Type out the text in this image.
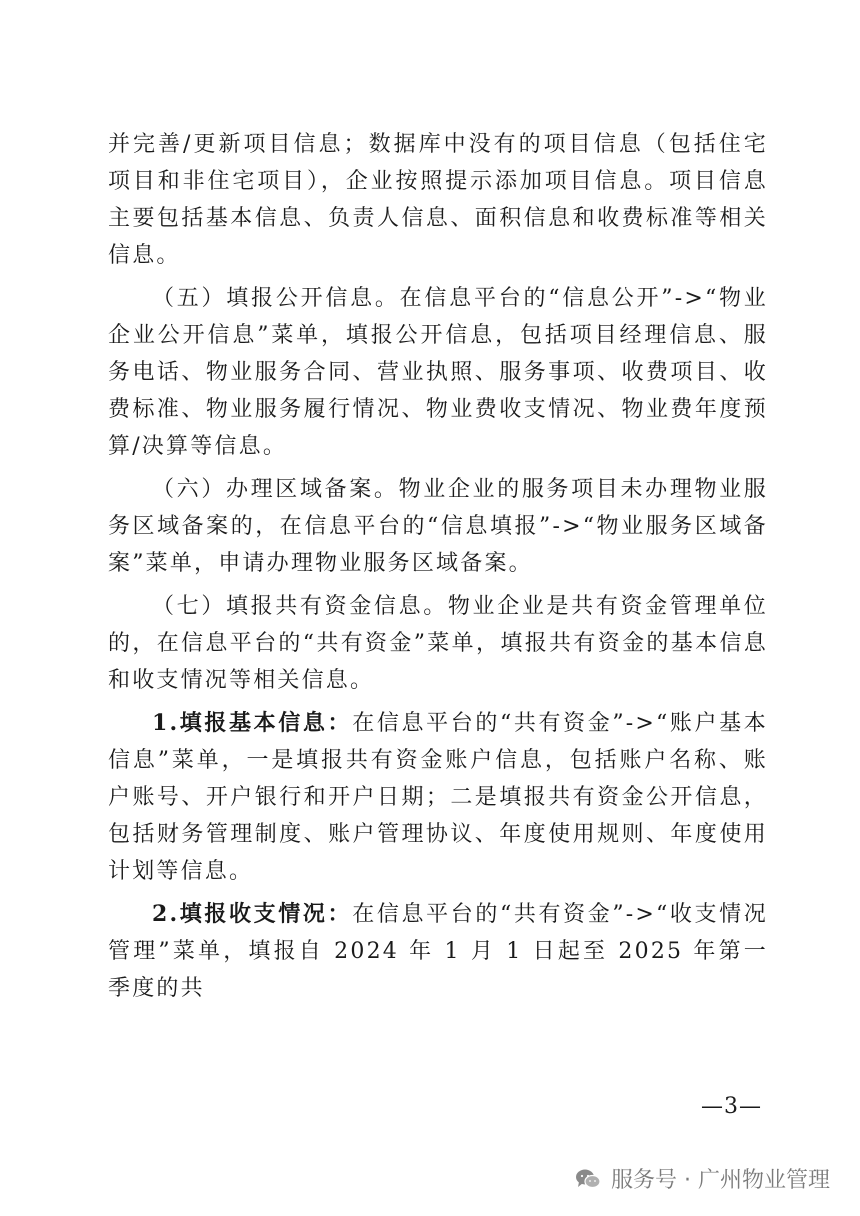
并完善/更新项目信息；数据库中没有的项目信息（包括住宅项目和非住宅项目），企业按照提示添加项目信息。项目信息主要包括基本信息、负责人信息、面积信息和收费标准等相关信息。

（五）填报公开信息。在信息平台的“信息公开”->“物业企业公开信息”菜单，填报公开信息，包括项目经理信息、服务电话、物业服务合同、营业执照、服务事项、收费项目、收费标准、物业服务履行情况、物业费收支情况、物业费年度预算/决算等信息。

（六）办理区域备案。物业企业的服务项目未办理物业服务区域备案的，在信息平台的“信息填报”->“物业服务区域备案”菜单，申请办理物业服务区域备案。

（七）填报共有资金信息。物业企业是共有资金管理单位的，在信息平台的“共有资金”菜单，填报共有资金的基本信息和收支情况等相关信息。

1.填报基本信息：在信息平台的“共有资金”->“账户基本信息”菜单，一是填报共有资金账户信息，包括账户名称、账户账号、开户银行和开户日期；二是填报共有资金公开信息，包括财务管理制度、账户管理协议、年度使用规则、年度使用计划等信息。

2.填报收支情况：在信息平台的“共有资金”->“收支情况管理”菜单，填报自 2024 年 1 月 1 日起至 2025 年第一季度的共

—3—
服务号 · 广州物业管理
